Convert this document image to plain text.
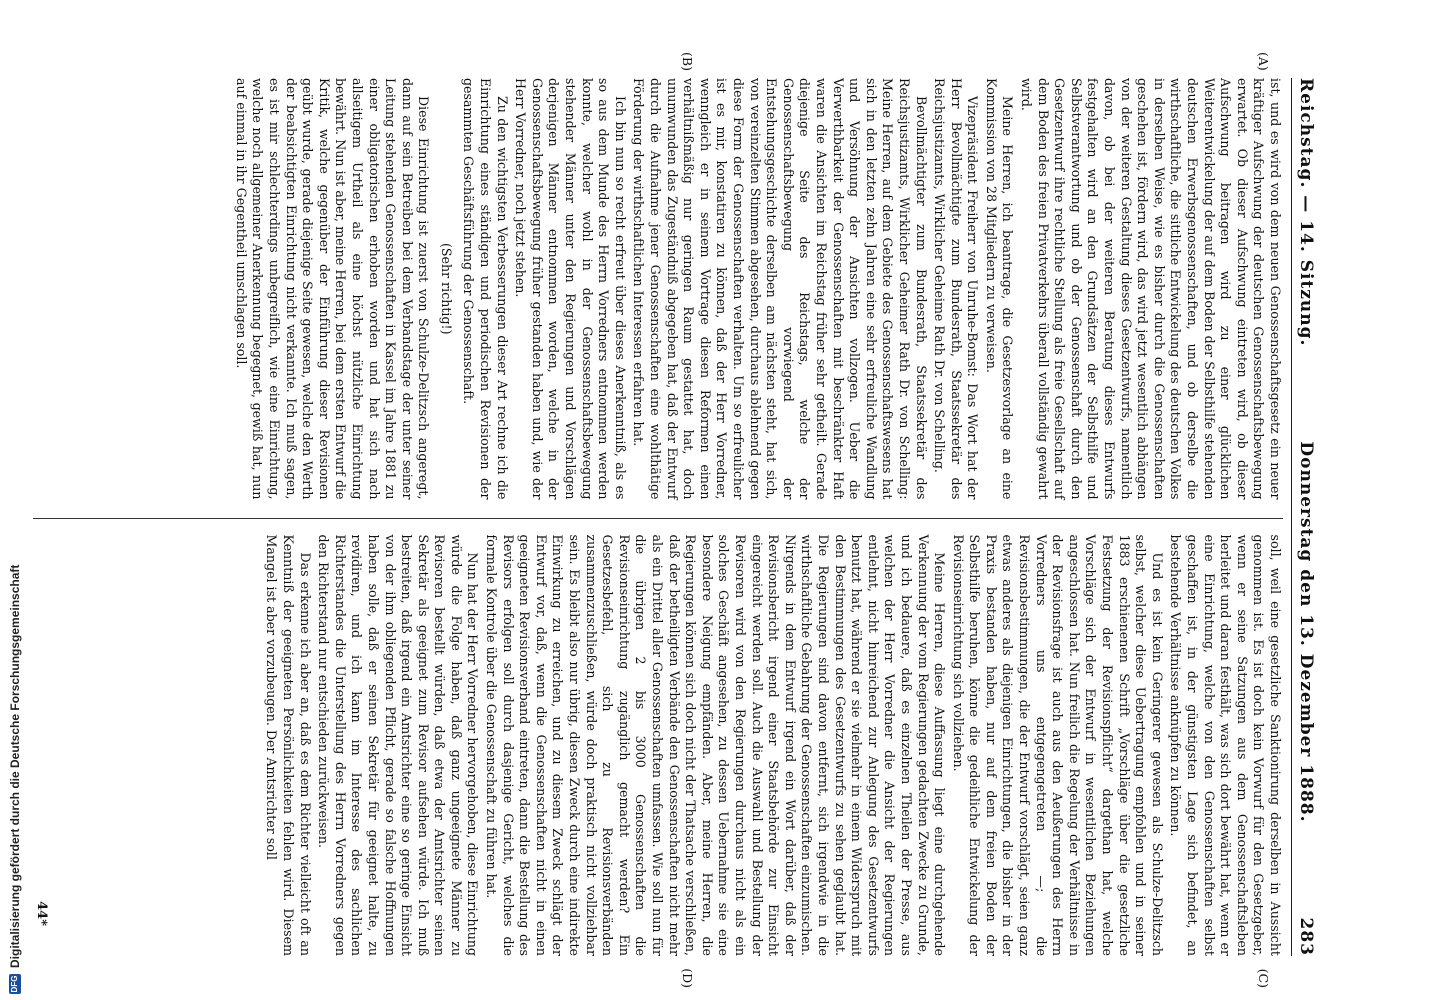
Reichstag. — 14. Sitzung.
Donnerstag den 13. Dezember 1888.
283
(A)
(B)

ist, und es wird von dem neuen Genossenschaftsgesetz ein neuer kräftiger Aufschwung der deutschen Genossenschaftsbewegung erwartet. Ob dieser Aufschwung eintreten wird, ob dieser Aufschwung beitragen wird zu einer glücklichen Weiterentwickelung der auf dem Boden der Selbsthilfe stehenden deutschen Erwerbsgenossenschaften, und ob derselbe die wirthschaftliche, die sittliche Entwickelung des deutschen Volkes in derselben Weise, wie es bisher durch die Genossenschaften geschehen ist, fördern wird, das wird jetzt wesentlich abhängen von der weiteren Gestaltung dieses Gesetzentwurfs, namentlich davon, ob bei der weiteren Beratung dieses Entwurfs festgehalten wird an den Grundsätzen der Selbsthilfe und Selbstverantwortung und ob der Genossenschaft durch den Gesetzentwurf ihre rechtliche Stellung als freie Gesellschaft auf dem Boden des freien Privatverkehrs überall vollständig gewahrt wird.

Meine Herren, ich beantrage, die Gesetzesvorlage an eine Kommission von 28 Mitgliedern zu verweisen.

Vizepräsident Freiherr von Unruhe-Bomst: Das Wort hat der Herr Bevollmächtigte zum Bundesrath, Staatssekretär des Reichsjustizamts, Wirklicher Geheime Rath Dr. von Schelling.

Bevollmächtigter zum Bundesrath, Staatssekretär des Reichsjustizamts, Wirklicher Geheimer Rath Dr. von Schelling: Meine Herren, auf dem Gebiete des Genossenschaftswesens hat sich in den letzten zehn Jahren eine sehr erfreuliche Wandlung und Versöhnung der Ansichten vollzogen. Ueber die Verwerthbarkeit der Genossenschaften mit beschränkter Haft waren die Ansichten im Reichstag früher sehr getheilt. Gerade diejenige Seite des Reichstags, welche der Genossenschaftsbewegung vorwiegend der Entstehungsgeschichte derselben am nächsten steht, hat sich, von vereinzelten Stimmen abgesehen, durchaus ablehnend gegen diese Form der Genossenschaften verhalten. Um so erfreulicher ist es mir, konstatiren zu können, daß der Herr Vorredner, wenngleich er in seinem Vortrage diesen Reformen einen verhältnißmäßig nur geringen Raum gestattet hat, doch unumwunden das Zugeständniß abgegeben hat, daß der Entwurf durch die Aufnahme jener Genossenschaften eine wohlthätige Förderung der wirthschaftlichen Interessen erfahren hat.

Ich bin nun so recht erfreut über dieses Anerkenntniß, als es so aus dem Munde des Herrn Vorredners entnommen werden konnte, welcher wohl in der Genossenschaftsbewegung stehender Männer unter den Regierungen und Vorschlägen derjenigen Männer entnommen worden, welche in der Genossenschaftsbewegung früher gestanden haben und, wie der Herr Vorredner, noch jetzt stehen.

Zu den wichtigsten Verbesserungen dieser Art rechne ich die Einrichtung eines ständigen und periodischen Revisionen der gesammten Geschäftsführung der Genossenschaft.

(Sehr richtig!)

Diese Einrichtung ist zuerst von Schulze-Delitzsch angeregt, dann auf sein Betreiben bei dem Verbandstage der unter seiner Leitung stehenden Genossenschaften in Kassel im Jahre 1881 zu einer obligatorischen erhoben worden und hat sich nach allseitigem Urtheil als eine höchst nützliche Einrichtung bewährt. Nun ist aber, meine Herren, bei dem ersten Entwurf die Kritik, welche gegenüber der Einführung dieser Revisionen geübt wurde, gerade diejenige Seite gewesen, welche den Werth der beabsichtigten Einrichtung nicht verkannte. Ich muß sagen, es ist mir schlechterdings unbegreiflich, wie eine Einrichtung, welche noch allgemeiner Anerkennung begegnet, gewiß hat, nun auf einmal in ihr Gegentheil umschlagen soll.

(C)
(D)

soll, weil eine gesetzliche Sanktionirung derselben in Aussicht genommen ist. Es ist doch kein Vorwurf für den Gesetzgeber, wenn er seine Satzungen aus dem Genossenschaftsleben herleitet und daran festhält, was sich dort bewährt hat, wenn er eine Einrichtung, welche von den Genossenschaften selbst geschaffen ist, in der günstigsten Lage sich befindet, an bestehende Verhältnisse anknüpfen zu können.

Und es ist kein Geringerer gewesen als Schulze-Delitzsch selbst, welcher diese Uebertragung empfohlen und in seiner 1883 erschienenen Schrift „Vorschläge über die gesetzliche Festsetzung der Revisionspflicht“ dargethan hat, welche Vorschläge sich der Entwurf in wesentlichen Beziehungen angeschlossen hat. Nun freilich die Regelung der Verhältnisse in der Revisionsfrage ist auch aus den Aeußerungen des Herrn Vorredners uns entgegengetreten —; die Revisionsbestimmungen, die der Entwurf vorschlägt, seien ganz etwas anderes als diejenigen Einrichtungen, die bisher in der Praxis bestanden haben, nur auf dem freien Boden der Selbsthilfe beruhen, könne die gedeihliche Entwickelung der Revisionseinrichtung sich vollziehen.

Meine Herren, diese Auffassung liegt eine durchgehende Verkennung der vom Regierungen gedachten Zwecke zu Grunde, und ich bedauere, daß es einzelnen Theilen der Presse, aus welchen der Herr Vorredner die Ansicht der Regierungen entlehnt, nicht hinreichend zur Anlegung des Gesetzentwurfs benutzt hat, während er sie vielmehr in einem Widerspruch mit den Bestimmungen des Gesetzentwurfs zu sehen geglaubt hat. Die Regierungen sind davon entfernt, sich irgendwie in die wirthschaftliche Gebahrung der Genossenschaften einzumischen. Nirgends in dem Entwurf irgend ein Wort darüber, daß der Revisionsbericht irgend einer Staatsbehörde zur Einsicht eingereicht werden soll. Auch die Auswahl und Bestellung der Revisoren wird von den Regierungen durchaus nicht als ein solches Geschäft angesehen, zu dessen Uebernahme sie eine besondere Neigung empfänden. Aber, meine Herren, die Regierungen können sich doch nicht der Thatsache verschließen, daß der betheiligten Verbände den Genossenschaften nicht mehr als ein Drittel aller Genossenschaften umfassen. Wie soll nun für die übrigen 2 bis 3000 Genossenschaften die Revisionseinrichtung zugänglich gemacht werden? Ein Gesetzesbefehl, sich zu Revisionsverbänden zusammenzuschließen, würde doch praktisch nicht vollziehbar sein. Es bleibt also nur übrig, diesen Zweck durch eine indirekte Einwirkung zu erreichen, und zu diesem Zweck schlägt der Entwurf vor, daß, wenn die Genossenschaften nicht in einen geeigneten Revisionsverband eintreten, dann die Bestellung des Revisors erfolgen soll durch dasjenige Gericht, welches die formale Kontrole über die Genossenschaft zu führen hat.

Nun hat der Herr Vorredner hervorgehoben, diese Einrichtung würde die Folge haben, daß ganz ungeeignete Männer zu Revisoren bestellt würden, daß etwa der Amtsrichter seinen Sekretär als geeignet zum Revisor aufsehen würde. Ich muß bestreiten, daß irgend ein Amtsrichter eine so geringe Einsicht von der ihm obliegenden Pflicht, gerade so falsche Hoffnungen haben solle, daß er seinen Sekretär für geeignet halte, zu revidiren, und ich kann im Interesse des sachlichen Richterstandes die Unterstellung des Herrn Vorredners gegen den Richterstand nur entschieden zurückweisen.

Das erkenne ich aber an, daß es dem Richter vielleicht oft an Kenntniß der geeigneten Persönlichkeiten fehlen wird. Diesem Mangel ist aber vorzubeugen. Der Amtsrichter soll

44*
DFG
Digitalisierung gefördert durch die Deutsche Forschungsgemeinschaft
